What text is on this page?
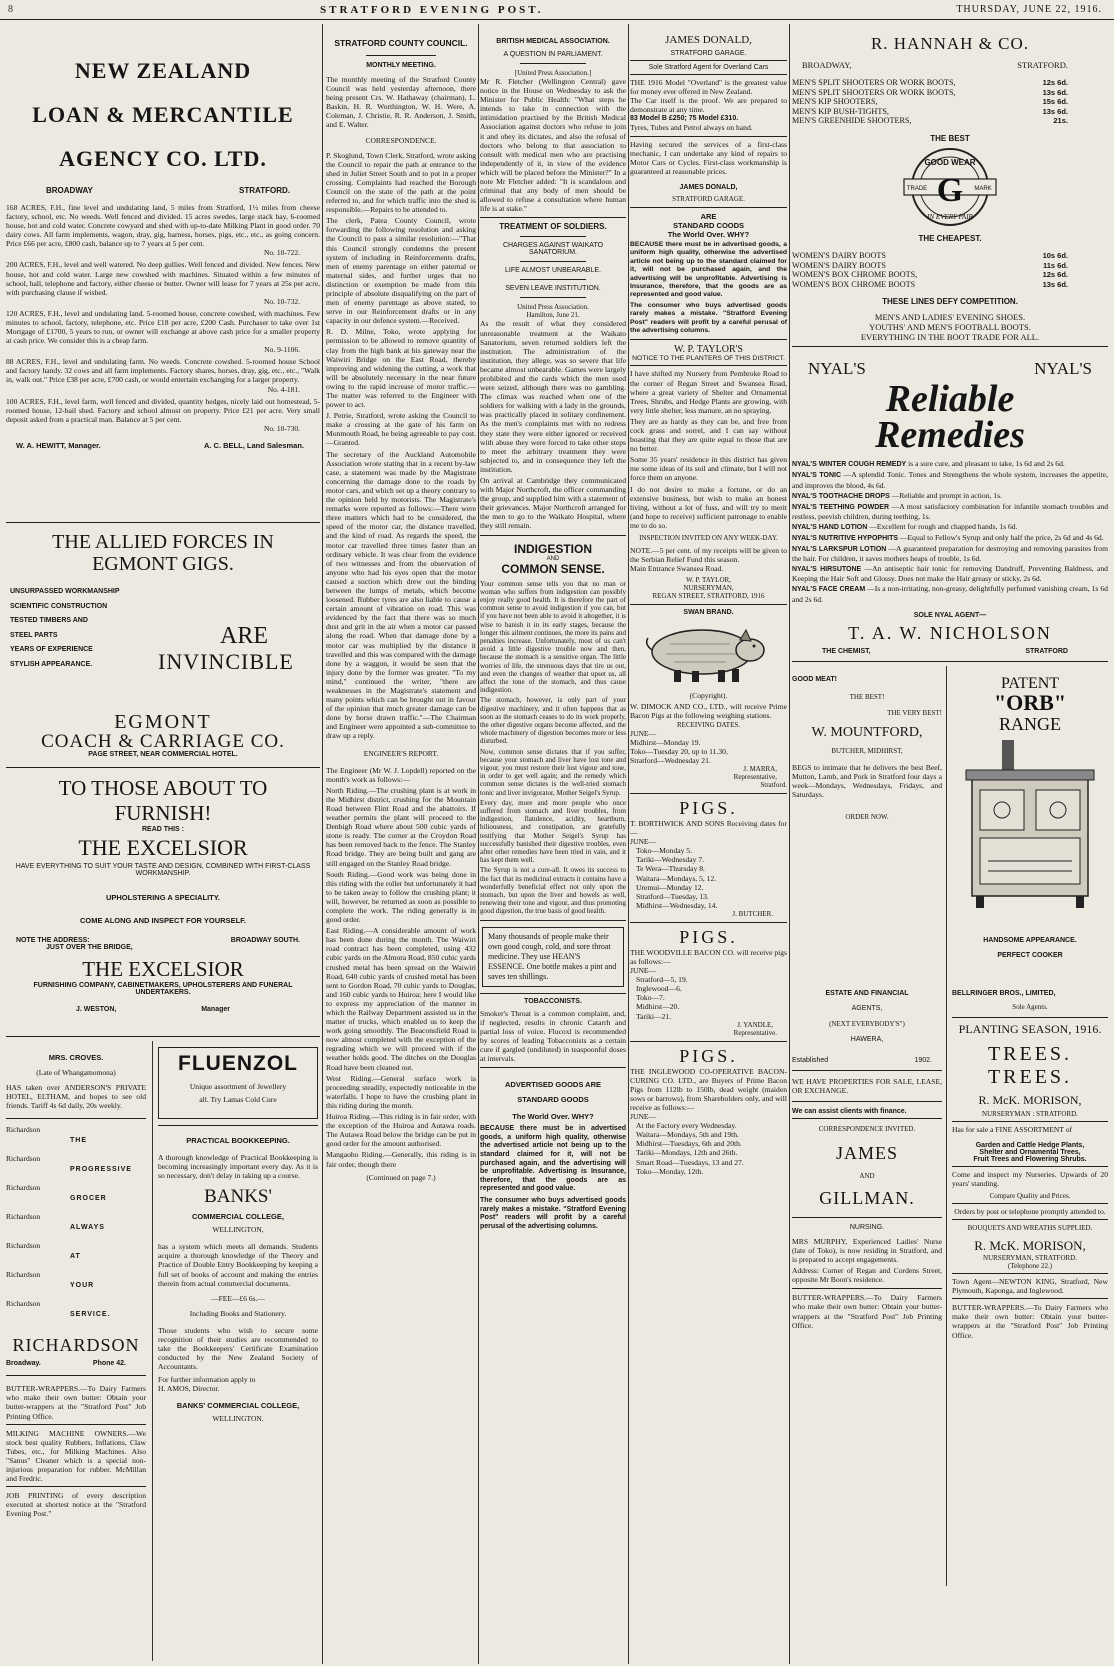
8	STRATFORD EVENING POST.	THURSDAY, JUNE 22, 1916.
NEW ZEALAND
LOAN & MERCANTILE
AGENCY CO. LTD.
BROADWAY	STRATFORD.

168 ACRES, F.H., fine level and undulating land, 5 miles from Stratford, 1½ miles from cheese factory, school, etc. No weeds. Well fenced and divided. 15 acres swedes, large stack hay, 6-roomed house, hot and cold water. Concrete cowyard and shed with up-to-date Milking Plant in good order. 70 dairy cows. All farm implements, wagon, dray, gig, harness, horses, pigs, etc., etc., as going concern. Price £66 per acre, £800 cash, balance up to 7 years at 5 per cent.

No. 10-722.

200 ACRES, F.H., level and well watered. No deep gullies. Well fenced and divided. New fences. New house, hot and cold water. Large new cowshed with machines. Situated within a few minutes of school, hall, telephone and factory, either cheese or butter. Owner will lease for 7 years at 25s per acre, with purchasing clause if wished.

No. 10-732.

120 ACRES, F.H., level and undulating land. 5-roomed house, concrete cowshed, with machines. Few minutes to school, factory, telephone, etc. Price £18 per acre, £200 Cash. Purchaser to take over 1st Mortgage of £1700, 5 years to run, or owner will exchange at above cash price for a smaller property at cash price. We consider this is a cheap farm.

No. 9-1106.

88 ACRES, F.H., level and undulating farm. No weeds. Concrete cowshed. 5-roomed house School and factory handy. 32 cows and all farm implements. Factory shares, horses, dray, gig, etc., etc., "Walk in, walk out." Price £38 per acre, £700 cash, or would entertain exchanging for a larger property.

No. 4-181.

100 ACRES, F.H., level farm, well fenced and divided, quantity hedges, nicely laid out homestead, 5-roomed house, 12-bail shed. Factory and school almost on property. Price £21 per acre. Very small deposit asked from a practical man. Balance at 5 per cent.

No. 10-730.
W. A. HEWITT, Manager.	A. C. BELL, Land Salesman.
THE ALLIED FORCES IN EGMONT GIGS.
UNSURPASSED WORKMANSHIP
SCIENTIFIC CONSTRUCTION
TESTED TIMBERS AND
STEEL PARTS
YEARS OF EXPERIENCE
STYLISH APPEARANCE.
ARE
INVINCIBLE
EGMONT
COACH & CARRIAGE CO.
PAGE STREET, NEAR COMMERCIAL HOTEL.
TO THOSE ABOUT TO
FURNISH!
READ THIS :
THE EXCELSIOR
HAVE EVERYTHING TO SUIT YOUR TASTE AND DESIGN, COMBINED WITH FIRST-CLASS WORKMANSHIP.
UPHOLSTERING A SPECIALITY.
COME ALONG AND INSPECT FOR YOURSELF.
NOTE THE ADDRESS:	BROADWAY SOUTH.
JUST OVER THE BRIDGE,
THE EXCELSIOR
FURNISHING COMPANY, CABINETMAKERS, UPHOLSTERERS AND FUNERAL UNDERTAKERS.
J. WESTON,	Manager
MRS. CROVES.
(Late of Whangamomona)

HAS taken over ANDERSON'S PRIVATE HOTEL, ELTHAM, and hopes to see old friends. Tariff 4s 6d daily, 20s weekly.

Richardson
THE
Richardson
PROGRESSIVE
Richardson
GROCER
Richardson
ALWAYS
Richardson
AT
Richardson
YOUR
Richardson
SERVICE.
RICHARDSON
Broadway.	Phone 42.

BUTTER-WRAPPERS.—To Dairy Farmers who make their own butter: Obtain your butter-wrappers at the "Stratford Post" Job Printing Office.

MILKING MACHINE OWNERS.—We stock best quality Rubbers, Inflations, Claw Tubes, etc., for Milking Machines. Also "Sanus" Cleaner which is a special non-injurious preparation for rubber. McMillan and Fredric.

JOB PRINTING of every description executed at shortest notice at the "Stratford Evening Post."

FLUENZOL
Unique assortment of Jewellery
all. Try Lamas Cold Cure
PRACTICAL BOOKKEEPING.

A thorough knowledge of Practical Bookkeeping is becoming increasingly important every day. As it is so necessary, don't delay in taking up a course.

BANKS'
COMMERCIAL COLLEGE,
WELLINGTON,

has a system which meets all demands. Students acquire a thorough knowledge of the Theory and Practice of Double Entry Bookkeeping by keeping a full set of books of account and making the entries therein from actual commercial documents.

—FEE—£6 6s.—
Including Books and Stationery.

Those students who wish to secure some recognition of their studies are recommended to take the Bookkeepers' Certificate Examination conducted by the New Zealand Society of Accountants.

For further information apply to

H. AMOS, Director.

BANKS' COMMERCIAL COLLEGE,
WELLINGTON.
STRATFORD COUNTY COUNCIL.
MONTHLY MEETING.

The monthly meeting of the Stratford County Council was held yesterday afternoon, there being present Crs. W. Hathaway (chairman), L. Baskin, H. R. Worthington, W. H. Were, A. Coleman, J. Christie, R. R. Anderson, J. Smith, and E. Walter.

CORRESPONDENCE.

P. Skoglund, Town Clerk, Stratford, wrote asking the Council to repair the path at entrance to the shed in Juliet Street South and to put in a proper crossing. Complaints had reached the Borough Council on the state of the path at the point referred to, and for which traffic into the shed is responsible.—Repairs to be attended to.

The clerk, Patea County Council, wrote forwarding the following resolution and asking the Council to pass a similar resolution:—"That this Council strongly condemns the present system of including in Reinforcements drafts, men of enemy parentage on either paternal or maternal sides, and further urges that no distinction or exemption be made from this principle of absolute disqualifying on the part of men of enemy parentage as above stated, to serve in our Reinforcement drafts or in any capacity in our defence system.—Received.

R. D. Milne, Toko, wrote applying for permission to be allowed to remove quantity of clay from the high bank at his gateway near the Waiwiri Bridge on the East Road, thereby improving and widening the cutting, a work that will be absolutely necessary in the near future owing to the rapid increase of motor traffic.—The matter was referred to the Engineer with power to act.

J. Petrie, Stratford, wrote asking the Council to make a crossing at the gate of his farm on Monmouth Road, he being agreeable to pay cost.—Granted.

The secretary of the Auckland Automobile Association wrote stating that in a recent by-law case, a statement was made by the Magistrate concerning the damage done to the roads by motor cars, and which set up a theory contrary to the opinion held by motorists. The Magistrate's remarks were reported as follows:—There were three matters which had to be considered, the speed of the motor car, the distance travelled, and the kind of road. As regards the speed, the motor car travelled three times faster than an ordinary vehicle. It was clear from the evidence of two witnesses and from the observation of anyone who had his eyes open that the motor caused a suction which drew out the binding between the lumps of metals, which become loosened. Rubber tyres are also liable to cause a certain amount of vibration on road. This was evidenced by the fact that there was so much dust and grit in the air when a motor car passed along the road. When that damage done by a motor car was multiplied by the distance it travelled and this was compared with the damage done by a waggon, it would be seen that the injury done by the former was greater. "To my mind," continued the writer, "there are weaknesses in the Magistrate's statement and many points which can be brought out in favour of the opinion that much greater damage can be done by horse drawn traffic."—The Chairman and Engineer were appointed a sub-committee to draw up a reply.

ENGINEER'S REPORT.

The Engineer (Mr W. J. Lopdell) reported on the month's work as follows:—

North Riding.—The crushing plant is at work in the Midhirst district, crushing for the Mountain Road between Flint Road and the abattoirs. If weather permits the plant will proceed to the Denbigh Road where about 500 cubic yards of stone is ready. The corner at the Croydon Road has been removed back to the fence. The Stanley Road bridge. They are being built and gang are still engaged on the Stanley Road bridge.

South Riding.—Good work was being done in this riding with the roller but unfortunately it had to be taken away to follow the crushing plant; it will, however, be returned as soon as possible to complete the work. The riding generally is in good order.

East Riding.—A considerable amount of work has been done during the month. The Waiwiri road contract has been completed, using 432 cubic yards on the Almora Road, 850 cubic yards crushed metal has been spread on the Waiwiri Road, 640 cubic yards of crushed metal has been sent to Gordon Road, 70 cubic yards to Douglas, and 160 cubic yards to Huiroa; here I would like to express my appreciation of the manner in which the Railway Department assisted us in the matter of trucks, which enabled us to keep the work going smoothly. The Beaconsfield Road is now almost completed with the exception of the regrading which we will proceed with if the weather holds good. The ditches on the Douglas Road have been cleaned out.

West Riding.—General surface work is proceeding steadily, expectedly noticeable in the waterfalls. I hope to have the crushing plant in this riding during the month.

Huiroa Riding.—This riding is in fair order, with the exception of the Huiroa and Autawa roads. The Autawa Road below the bridge can be put in good order for the amount authorised.

Mangaoho Riding.—Generally, this riding is in fair order, though there

(Continued on page 7.)
BRITISH MEDICAL ASSOCIATION.
A QUESTION IN PARLIAMENT.
[United Press Association.]

Mr R. Fletcher (Wellington Central) gave notice in the House on Wednesday to ask the Minister for Public Health: "What steps he intends to take in connection with the intimidation practised by the British Medical Association against doctors who refuse to join it and obey its dictates, and also the refusal of doctors who belong to that association to consult with medical men who are practising independently of it, in view of the evidence which will be placed before the Minister?" In a note Mr Fletcher added: "It is scandalous and criminal that any body of men should be allowed to refuse a consultation where human life is at stake."

TREATMENT OF SOLDIERS.
CHARGES AGAINST WAIKATO SANATORIUM.
LIFE ALMOST UNBEARABLE.
SEVEN LEAVE INSTITUTION.
United Press Association.
Hamilton, June 21.

As the result of what they considered unreasonable treatment at the Waikato Sanatorium, seven returned soldiers left the institution. The administration of the institution, they allege, was so severe that life became almost unbearable. Games were largely prohibited and the cards which the men used were seized, although there was no gambling. The climax was reached when one of the soldiers for walking with a lady in the grounds, was practically placed in solitary confinement. As the men's complaints met with no redress they state they were either ignored or received with abuse they were forced to take other steps to meet the arbitrary treatment they were subjected to, and in consequence they left the institution.

On arrival at Cambridge they communicated with Major Northcroft, the officer commanding the group, and supplied him with a statement of their grievances. Major Northcroft arranged for the men to go to the Waikato Hospital, where they still remain.

INDIGESTION
AND
COMMON SENSE.

Your common sense tells you that no man or woman who suffers from indigestion can possibly enjoy really good health. It is therefore the part of common sense to avoid indigestion if you can, but if you have not been able to avoid it altogether, it is wise to banish it in its early stages, because the longer this ailment continues, the more its pains and penalties increase. Unfortunately, most of us can't avoid a little digestive trouble now and then, because the stomach is a sensitive organ. The little worries of life, the strenuous days that tire us out, and even the changes of weather that upset us, all affect the tone of the stomach, and thus cause indigestion.

The stomach, however, is only part of your digestive machinery, and it often happens that as soon as the stomach ceases to do its work properly, the other digestive organs become affected, and the whole machinery of digestion becomes more or less disturbed.

Now, common sense dictates that if you suffer, because your stomach and liver have lost tone and vigour, you must restore their lost vigour and tone, in order to get well again; and the remedy which common sense dictates is the well-tried stomach tonic and liver invigorator, Mother Seigel's Syrup.

Every day, more and more people who once suffered from stomach and liver troubles, from indigestion, flatulence, acidity, heartburn, biliousness, and constipation, are gratefully testifying that Mother Seigel's Syrup has successfully banished their digestive troubles, even after other remedies have been tried in vain, and it has kept them well.

The Syrup is not a cure-all. It owes its success to the fact that its medicinal extracts it contains have a wonderfully beneficial effect not only upon the stomach, but upon the liver and bowels as well, renewing their tone and vigour, and thus promoting good digestion, the true basis of good health.

Many thousands of people make their own good cough, cold, and sore throat medicine. They use HEAN'S ESSENCE. One bottle makes a pint and saves ten shillings.
TOBACCONISTS.

Smoker's Throat is a common complaint, and, if neglected, results in chronic Catarrh and partial loss of voice. Flucoxl is recommended by scores of leading Tobacconists as a certain cure if gargled (undiluted) in teaspoonful doses at intervals.

ADVERTISED GOODS ARE
STANDARD GOODS
The World Over. WHY?

BECAUSE there must be in advertised goods, a uniform high quality, otherwise the advertised article not being up to the standard claimed for it, will not be purchased again, and the advertising will be unprofitable. Advertising is Insurance, therefore, that the goods are as represented and good value.

The consumer who buys advertised goods rarely makes a mistake. "Stratford Evening Post" readers will profit by a careful perusal of the advertising columns.

JAMES DONALD,
STRATFORD GARAGE.
Sole Stratford Agent for Overland Cars

THE 1916 Model "Overland" is the greatest value for money ever offered in New Zealand.

The Car itself is the proof. We are prepared to demonstrate at any time.

83 Model B £250; 75 Model £310.

Tyres, Tubes and Petrol always on hand.

Having secured the services of a first-class mechanic, I can undertake any kind of repairs to Motor Cars or Cycles. First-class workmanship is guaranteed at reasonable prices.

JAMES DONALD,
STRATFORD GARAGE.
ARE
STANDARD COODS
The World Over. WHY?

BECAUSE there must be in advertised goods, a uniform high quality, otherwise the advertised article not being up to the standard claimed for it, will not be purchased again, and the advertising will be unprofitable. Advertising is Insurance, therefore, that the goods are as represented and good value.

The consumer who buys advertised goods rarely makes a mistake. "Stratford Evening Post" readers will profit by a careful perusal of the advertising columns.

W. P. TAYLOR'S
NOTICE TO THE PLANTERS OF THIS DISTRICT.

I have shifted my Nursery from Pembroke Road to the corner of Regan Street and Swansea Road, where a great variety of Shelter and Ornamental Trees, Shrubs, and Hedge Plants are growing, with very little shelter, less manure, an no spraying.

They are as hardy as they can be, and free from cock grass and sorrel, and I can say without boasting that they are quite equal to those that are no better.

Some 35 years' residence in this district has given me some ideas of its soil and climate, but I will not force them on anyone.

I do not desire to make a fortune, or do an extensive business, but wish to make an honest living, without a lot of fuss, and will try to merit (and hope to receive) sufficient patronage to enable me to do so.

INSPECTION INVITED ON ANY WEEK-DAY.

NOTE.—5 per cent. of my receipts will be given to the Serbian Relief Fund this season.

Main Entrance Swansea Road.

W. P. TAYLOR,
NURSERYMAN,
REGAN STREET, STRATFORD, 1916
SWAN BRAND.
(Copyright).

W. DIMOCK AND CO., LTD., will receive Prime Bacon Pigs at the following weighing stations.

RECEIVING DATES.

JUNE—

Midhirst—Monday 19.

Toko—Tuesday 20, up to 11.30,

Stratford—Wednesday 21.

J. MARRA,
Representative,
Stratford.
PIGS.

T. BORTHWICK AND SONS Receiving dates for—

JUNE—

Toko—Monday 5.

Tariki—Wednesday 7.

Te Wera—Thursday 8.

Waitara—Mondays, 5, 12.

Uremui—Monday 12.

Stratford—Tuesday, 13.

Midhirst—Wednesday, 14.

J. BUTCHER.
PIGS.

THE WOODVILLE BACON CO. will receive pigs as follows:—

JUNE—

Stratford—5, 19.

Inglewood—6.

Toko—7.

Midhirst—20.

Tariki—21.

J. YANDLE,
Representative.
PIGS.

THE INGLEWOOD CO-OPERATIVE BACON-CURING CO. LTD., are Buyers of Prime Bacon Pigs from 112lb to 150lb, dead weight (maiden sows or barrows), from Shareholders only, and will receive as follows:—

JUNE—

At the Factory every Wednesday.

Waitara—Mondays, 5th and 19th.

Midhirst—Tuesdays, 6th and 20th.

Tariki—Mondays, 12th and 26th.

Smart Road—Tuesdays, 13 and 27.

Toko—Monday, 12th.

R. HANNAH & CO.
BROADWAY,	STRATFORD.
MEN'S SPLIT SHOOTERS OR WORK BOOTS,	12s 6d.
MEN'S SPLIT SHOOTERS OR WORK BOOTS,	13s 6d.
MEN'S KIP SHOOTERS,	15s 6d.
MEN'S KIP BUSH-TIGHTS,	13s 6d.
MEN'S GREENHIDE SHOOTERS,	21s.
THE BEST
GOOD WEAR
TRADE	MARK
G
IN EVERY PAIR
THE CHEAPEST.
WOMEN'S DAIRY BOOTS	10s 6d.
WOMEN'S DAIRY BOOTS	11s 6d.
WOMEN'S BOX CHROME BOOTS,	12s 6d.
WOMEN'S BOX CHROME BOOTS	13s 6d.
THESE LINES DEFY COMPETITION.
MEN'S AND LADIES' EVENING SHOES.
YOUTHS' AND MEN'S FOOTBALL BOOTS.
EVERYTHING IN THE BOOT TRADE FOR ALL.
NYAL'S	NYAL'S
Reliable
Remedies

NYAL'S WINTER COUGH REMEDY is a sure cure, and pleasant to take, 1s 6d and 2s 6d.

NYAL'S TONIC —A splendid Tonic. Tones and Strengthens the whole system, increases the appetite, and improves the blood, 4s 6d.

NYAL'S TOOTHACHE DROPS —Reliable and prompt in action, 1s.

NYAL'S TEETHING POWDER —A most satisfactory combination for infantile stomach troubles and restless, peevish children, during teething, 1s.

NYAL'S HAND LOTION —Excellent for rough and chapped hands, 1s 6d.

NYAL'S NUTRITIVE HYPOPHITS —Equal to Fellow's Syrup and only half the price, 2s 6d and 4s 6d.

NYAL'S LARKSPUR LOTION —A guaranteed preparation for destroying and removing parasites from the hair. For children, it saves mothers heaps of trouble, 1s 6d.

NYAL'S HIRSUTONE —An antiseptic hair tonic for removing Dandruff, Preventing Baldness, and Keeping the Hair Soft and Glossy. Does not make the Hair greasy or sticky, 2s 6d.

NYAL'S FACE CREAM —Is a non-irritating, non-greasy, delightfully perfumed vanishing cream, 1s 6d and 2s 6d.

SOLE NYAL AGENT—
T. A. W. NICHOLSON
THE CHEMIST,	STRATFORD
GOOD MEAT!
THE BEST!
THE VERY BEST!
W. MOUNTFORD,
BUTCHER, MIDHIRST,

BEGS to intimate that he delivers the best Beef, Mutton, Lamb, and Pork in Stratford four days a week—Mondays, Wednesdays, Fridays, and Saturdays.

ORDER NOW.
PATENT
"ORB"
RANGE
HANDSOME APPEARANCE.
PERFECT COOKER
ESTATE AND FINANCIAL
AGENTS,
(NEXT EVERYBODY'S")
HAWERA,
Established	1902.

WE HAVE PROPERTIES FOR SALE, LEASE, OR EXCHANGE.

We can assist clients with finance.
CORRESPONDENCE INVITED.
JAMES
AND
GILLMAN.
NURSING.

MRS MURPHY, Experienced Ladies' Nurse (late of Toko), is now residing in Stratford, and is prepared to accept engagements.

Address: Corner of Regan and Cordens Street, opposite Mr Boon's residence.

BUTTER-WRAPPERS.—To Dairy Farmers who make their own butter: Obtain your butter-wrappers at the "Stratford Post" Job Printing Office.

BELLRINGER BROS., LIMITED,
Sole Agents.
PLANTING SEASON, 1916.
TREES.
TREES.
R. McK. MORISON,
NURSERYMAN : STRATFORD.

Has for sale a FINE ASSORTMENT of

Garden and Cattle Hedge Plants,
Shelter and Ornamental Trees,
Fruit Trees and Flowering Shrubs.

Come and inspect my Nurseries. Upwards of 20 years' standing.

Compare Quality and Prices.

Orders by post or telephone promptly attended to.

BOUQUETS AND WREATHS SUPPLIED.
R. McK. MORISON,
NURSERYMAN, STRATFORD.
(Telephone 22.)

Town Agent—NEWTON KING, Stratford, New Plymouth, Kaponga, and Inglewood.

BUTTER-WRAPPERS.—To Dairy Farmers who make their own butter: Obtain your butter-wrappers at the "Stratford Post" Job Printing Office.
